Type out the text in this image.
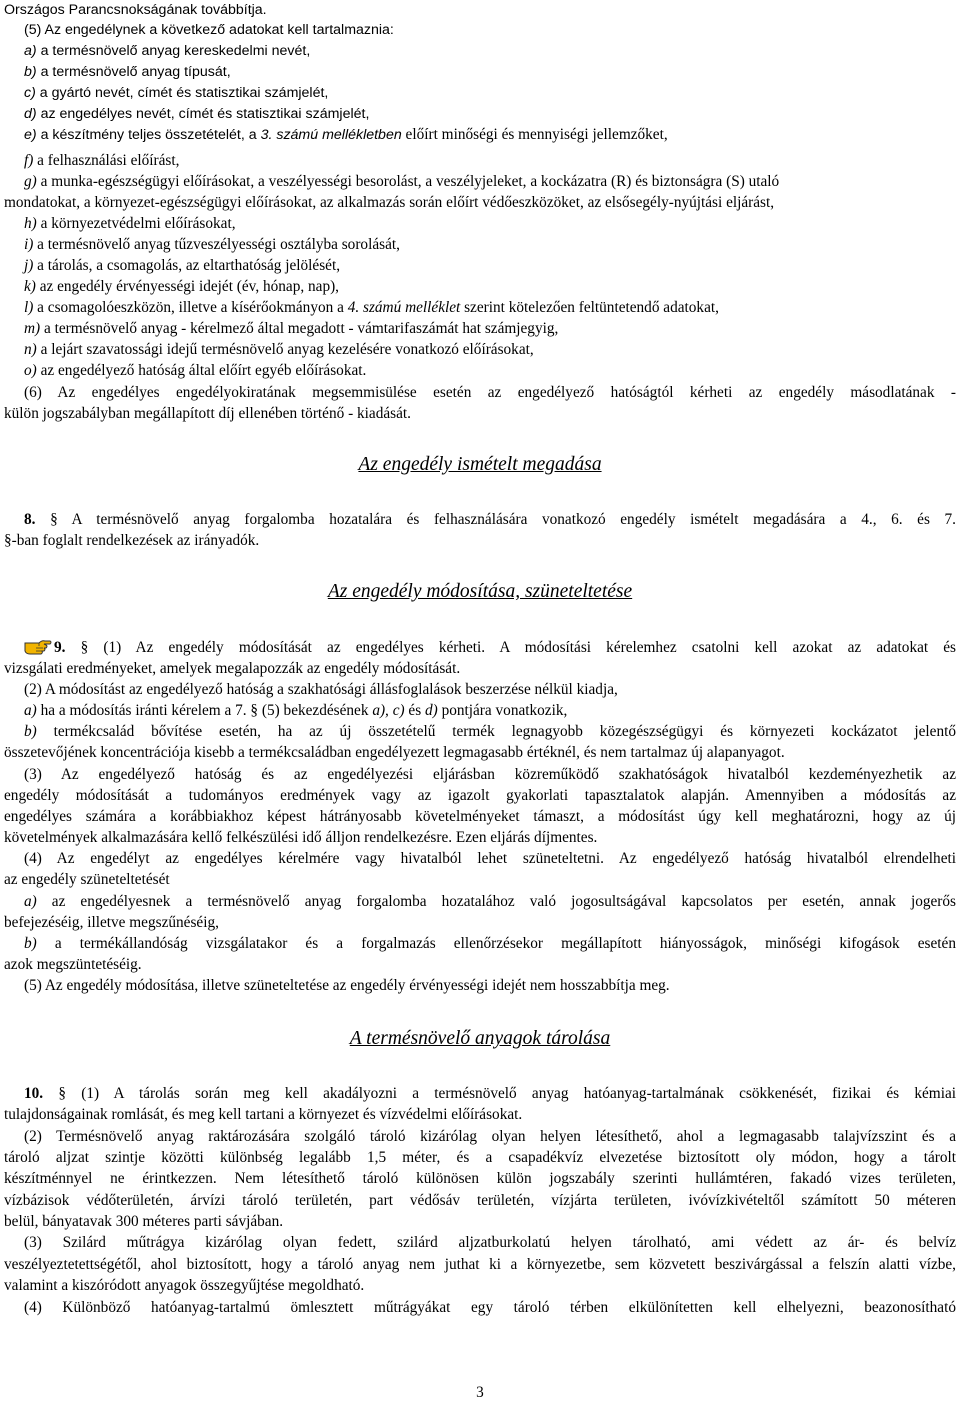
Országos Parancsnokságának továbbítja.
(5) Az engedélynek a következő adatokat kell tartalmaznia:
a) a termésnövelő anyag kereskedelmi nevét,
b) a termésnövelő anyag típusát,
c) a gyártó nevét, címét és statisztikai számjelét,
d) az engedélyes nevét, címét és statisztikai számjelét,
e) a készítmény teljes összetételét, a 3. számú mellékletben előírt minőségi és mennyiségi jellemzőket,
f) a felhasználási előírást,
g) a munka-egészségügyi előírásokat, a veszélyességi besorolást, a veszélyjeleket, a kockázatra (R) és biztonságra (S) utaló
mondatokat, a környezet-egészségügyi előírásokat, az alkalmazás során előírt védőeszközöket, az elsősegély-nyújtási eljárást,
h) a környezetvédelmi előírásokat,
i) a termésnövelő anyag tűzveszélyességi osztályba sorolását,
j) a tárolás, a csomagolás, az eltarthatóság jelölését,
k) az engedély érvényességi idejét (év, hónap, nap),
l) a csomagolóeszközön, illetve a kísérőokmányon a 4. számú melléklet szerint kötelezően feltüntetendő adatokat,
m) a termésnövelő anyag - kérelmező által megadott - vámtarifaszámát hat számjegyig,
n) a lejárt szavatossági idejű termésnövelő anyag kezelésére vonatkozó előírásokat,
o) az engedélyező hatóság által előírt egyéb előírásokat.
(6) Az engedélyes engedélyokiratának megsemmisülése esetén az engedélyező hatóságtól kérheti az engedély másodlatának -
külön jogszabályban megállapított díj ellenében történő - kiadását.
Az engedély ismételt megadása
8. § A termésnövelő anyag forgalomba hozatalára és felhasználására vonatkozó engedély ismételt megadására a 4., 6. és 7.
§-ban foglalt rendelkezések az irányadók.
Az engedély módosítása, szüneteltetése
9. § (1) Az engedély módosítását az engedélyes kérheti. A módosítási kérelemhez csatolni kell azokat az adatokat és
vizsgálati eredményeket, amelyek megalapozzák az engedély módosítását.
(2) A módosítást az engedélyező hatóság a szakhatósági állásfoglalások beszerzése nélkül kiadja,
a) ha a módosítás iránti kérelem a 7. § (5) bekezdésének a), c) és d) pontjára vonatkozik,
b) termékcsalád bővítése esetén, ha az új összetételű termék legnagyobb közegészségügyi és környezeti kockázatot jelentő
összetevőjének koncentrációja kisebb a termékcsaládban engedélyezett legmagasabb értéknél, és nem tartalmaz új alapanyagot.
(3) Az engedélyező hatóság és az engedélyezési eljárásban közreműködő szakhatóságok hivatalból kezdeményezhetik az
engedély módosítását a tudományos eredmények vagy az igazolt gyakorlati tapasztalatok alapján. Amennyiben a módosítás az
engedélyes számára a korábbiakhoz képest hátrányosabb követelményeket támaszt, a módosítást úgy kell meghatározni, hogy az új
követelmények alkalmazására kellő felkészülési idő álljon rendelkezésre. Ezen eljárás díjmentes.
(4) Az engedélyt az engedélyes kérelmére vagy hivatalból lehet szüneteltetni. Az engedélyező hatóság hivatalból elrendelheti
az engedély szüneteltetését
a) az engedélyesnek a termésnövelő anyag forgalomba hozatalához való jogosultságával kapcsolatos per esetén, annak jogerős
befejezéséig, illetve megszűnéséig,
b) a termékállandóság vizsgálatakor és a forgalmazás ellenőrzésekor megállapított hiányosságok, minőségi kifogások esetén
azok megszüntetéséig.
(5) Az engedély módosítása, illetve szüneteltetése az engedély érvényességi idejét nem hosszabbítja meg.
A termésnövelő anyagok tárolása
10. § (1) A tárolás során meg kell akadályozni a termésnövelő anyag hatóanyag-tartalmának csökkenését, fizikai és kémiai
tulajdonságainak romlását, és meg kell tartani a környezet és vízvédelmi előírásokat.
(2) Termésnövelő anyag raktározására szolgáló tároló kizárólag olyan helyen létesíthető, ahol a legmagasabb talajvízszint és a
tároló aljzat szintje közötti különbség legalább 1,5 méter, és a csapadékvíz elvezetése biztosított oly módon, hogy a tárolt
készítménnyel ne érintkezzen. Nem létesíthető tároló különösen külön jogszabály szerinti hullámtéren, fakadó vizes területen,
vízbázisok védőterületén, árvízi tároló területén, part védősáv területén, vízjárta területen, ivóvízkivételtől számított 50 méteren
belül, bányatavak 300 méteres parti sávjában.
(3) Szilárd műtrágya kizárólag olyan fedett, szilárd aljzatburkolatú helyen tárolható, ami védett az ár- és belvíz
veszélyeztetettségétől, ahol biztosított, hogy a tároló anyag nem juthat ki a környezetbe, sem közvetett beszivárgással a felszín alatti vízbe,
valamint a kiszóródott anyagok összegyűjtése megoldható.
(4) Különböző hatóanyag-tartalmú ömlesztett műtrágyákat egy tároló térben elkülönítetten kell elhelyezni, beazonosítható
3
